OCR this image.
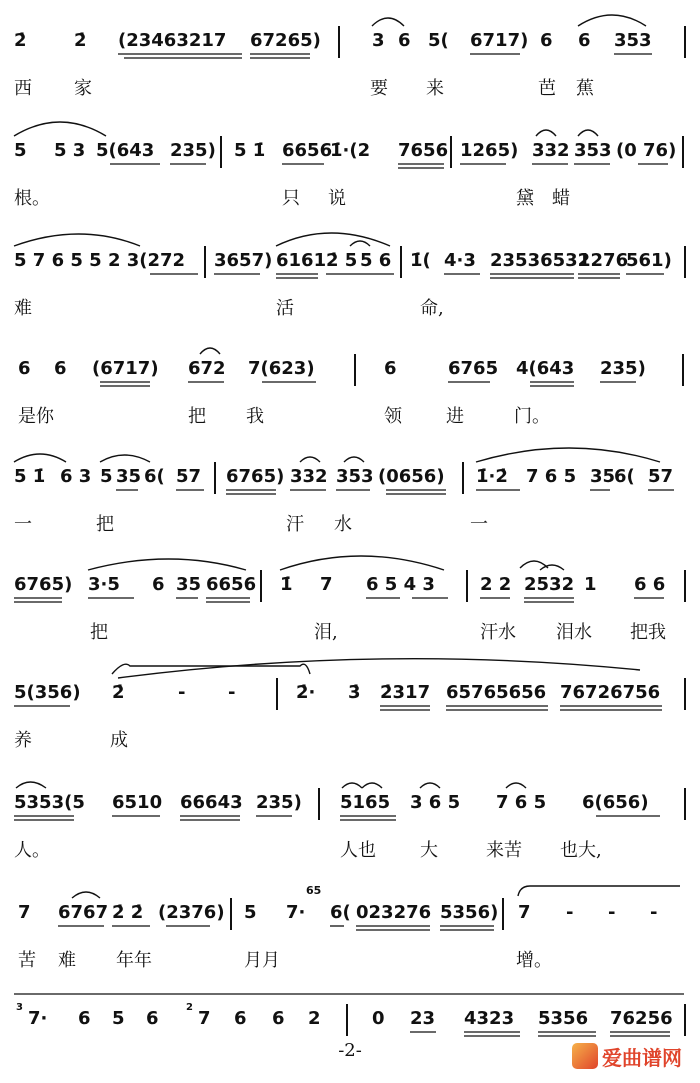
2̇	2̇ (23463217 67265)	3 6 5( 6717) 6 6 353
西 家	要 来	芭 蕉
5 5 3 5(643 235) 5 1̇ 6656
1̇·(2 7656 1265) 332 353 (0 76)
根。	只 说	黛 蜡
5 7 6 5 5 2 3(272 3657) 6161 2̇ 5 5 6 1̇( 4·3 23536532
1276
561)
难	活	命,
6 6 (6717) 672 7(623)	6	6765 4(643 235)
是你	把 我	领 进	门。
5 1̇ 6 3 5 35 6( 57 6765) 332 353 (0656) 1̇·2̇ 7 6 5 35
6( 57
一	把	汗 水	一
6765) 3·5 6 35 6656 1̇ 7 6 5 4 3	2 2 2532 1 6 6
把	泪,	汗水 泪水 把我
5(356) 2̇	- -	2̇· 3̇ 2̇317 65765656 76726756
养	成
5353(5 6510 66643 235) 5165 3 6 5 7 6 5 6(656)
人。	人也 大	来苦 也大,
7 6767 2̇ 2̇ (2376) 5 7· 6( 023276 5356) 7 - - -
65
苦 难 年年	月月	增。
7· 6 5 6 7 6 6 2	0 23 4323 5356 76256
3	2
-2-	爱曲谱网
